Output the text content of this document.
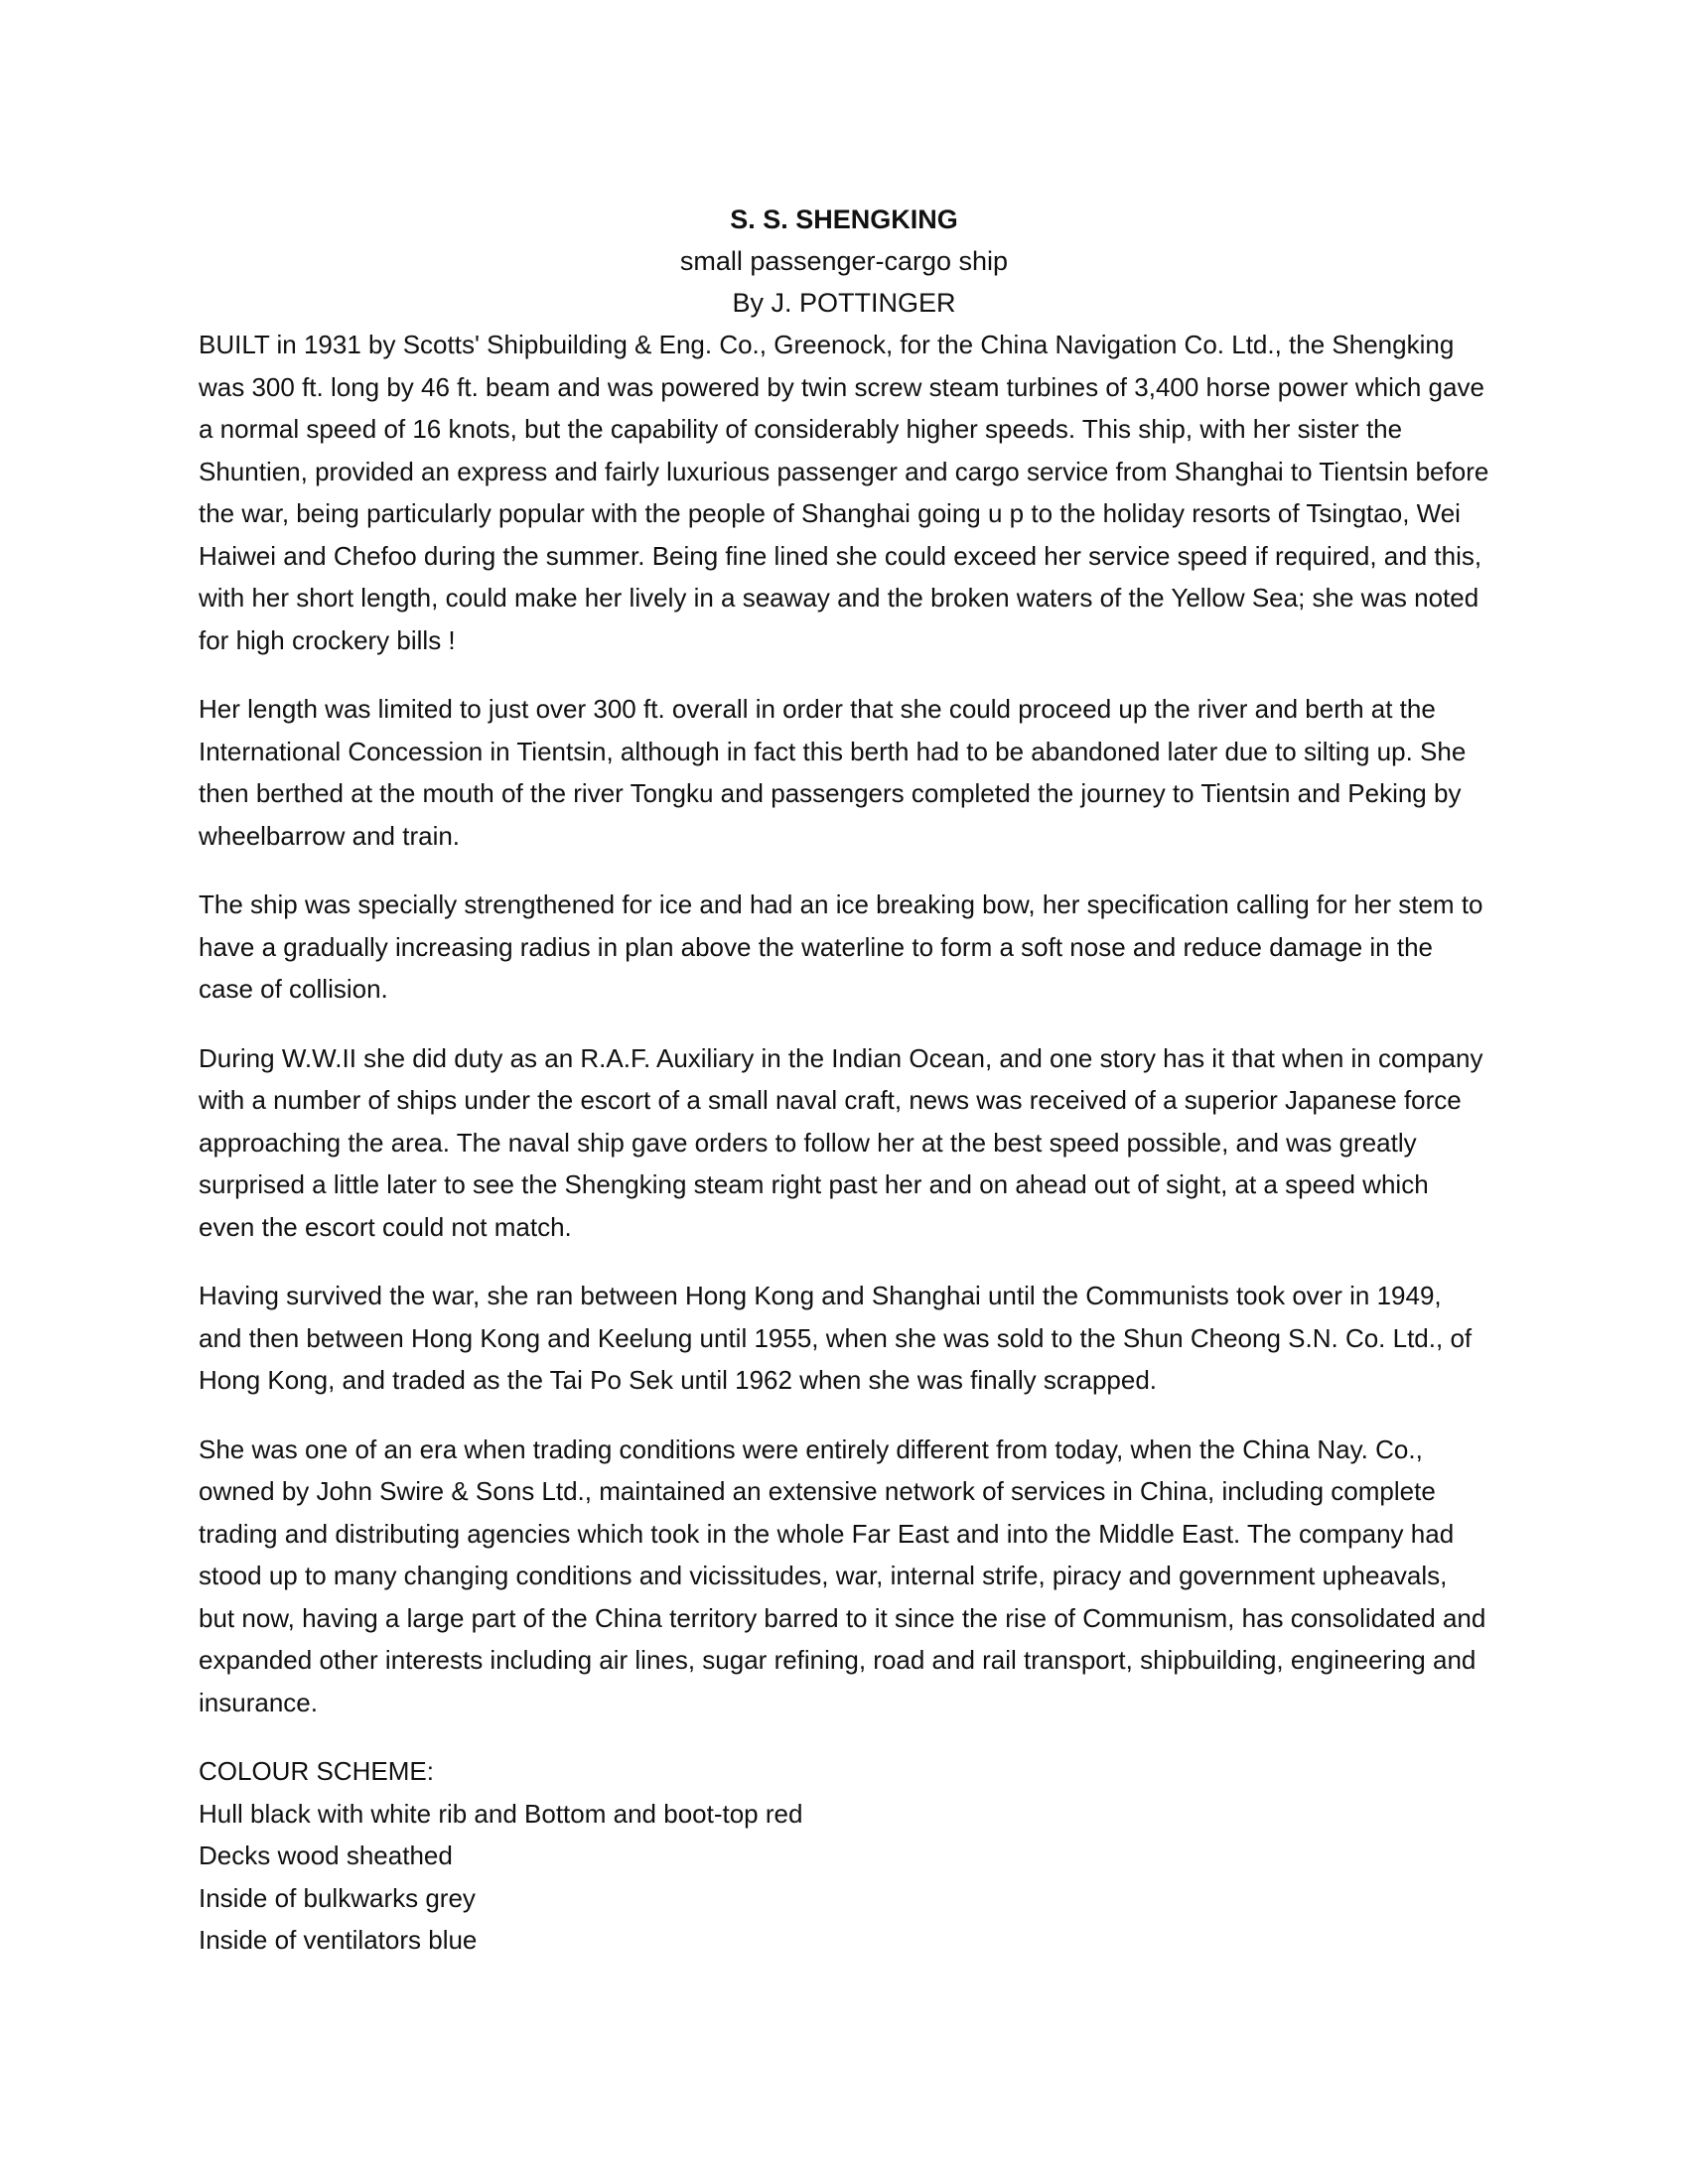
S. S. SHENGKING
small passenger-cargo ship
By J. POTTINGER

BUILT in 1931 by Scotts' Shipbuilding & Eng. Co., Greenock, for the China Navigation Co. Ltd., the Shengking was 300 ft. long by 46 ft. beam and was powered by twin screw steam turbines of 3,400 horse power which gave a normal speed of 16 knots, but the capability of considerably higher speeds. This ship, with her sister the Shuntien, provided an express and fairly luxurious passenger and cargo service from Shanghai to Tientsin before the war, being particularly popular with the people of Shanghai going u p to the holiday resorts of Tsingtao, Wei Haiwei and Chefoo during the summer. Being fine lined she could exceed her service speed if required, and this, with her short length, could make her lively in a seaway and the broken waters of the Yellow Sea; she was noted for high crockery bills !

Her length was limited to just over 300 ft. overall in order that she could proceed up the river and berth at the International Concession in Tientsin, although in fact this berth had to be abandoned later due to silting up. She then berthed at the mouth of the river Tongku and passengers completed the journey to Tientsin and Peking by wheelbarrow and train.

The ship was specially strengthened for ice and had an ice breaking bow, her specification calling for her stem to have a gradually increasing radius in plan above the waterline to form a soft nose and reduce damage in the case of collision.

During W.W.II she did duty as an R.A.F. Auxiliary in the Indian Ocean, and one story has it that when in company with a number of ships under the escort of a small naval craft, news was received of a superior Japanese force approaching the area. The naval ship gave orders to follow her at the best speed possible, and was greatly surprised a little later to see the Shengking steam right past her and on ahead out of sight, at a speed which even the escort could not match.

Having survived the war, she ran between Hong Kong and Shanghai until the Communists took over in 1949, and then between Hong Kong and Keelung until 1955, when she was sold to the Shun Cheong S.N. Co. Ltd., of Hong Kong, and traded as the Tai Po Sek until 1962 when she was finally scrapped.

She was one of an era when trading conditions were entirely different from today, when the China Nay. Co., owned by John Swire & Sons Ltd., maintained an extensive network of services in China, including complete trading and distributing agencies which took in the whole Far East and into the Middle East. The company had stood up to many changing conditions and vicissitudes, war, internal strife, piracy and government upheavals, but now, having a large part of the China territory barred to it since the rise of Communism, has consolidated and expanded other interests including air lines, sugar refining, road and rail transport, shipbuilding, engineering and insurance.

COLOUR SCHEME:
Hull black with white rib and Bottom and boot-top red
Decks wood sheathed
Inside of bulkwarks grey
Inside of ventilators blue
